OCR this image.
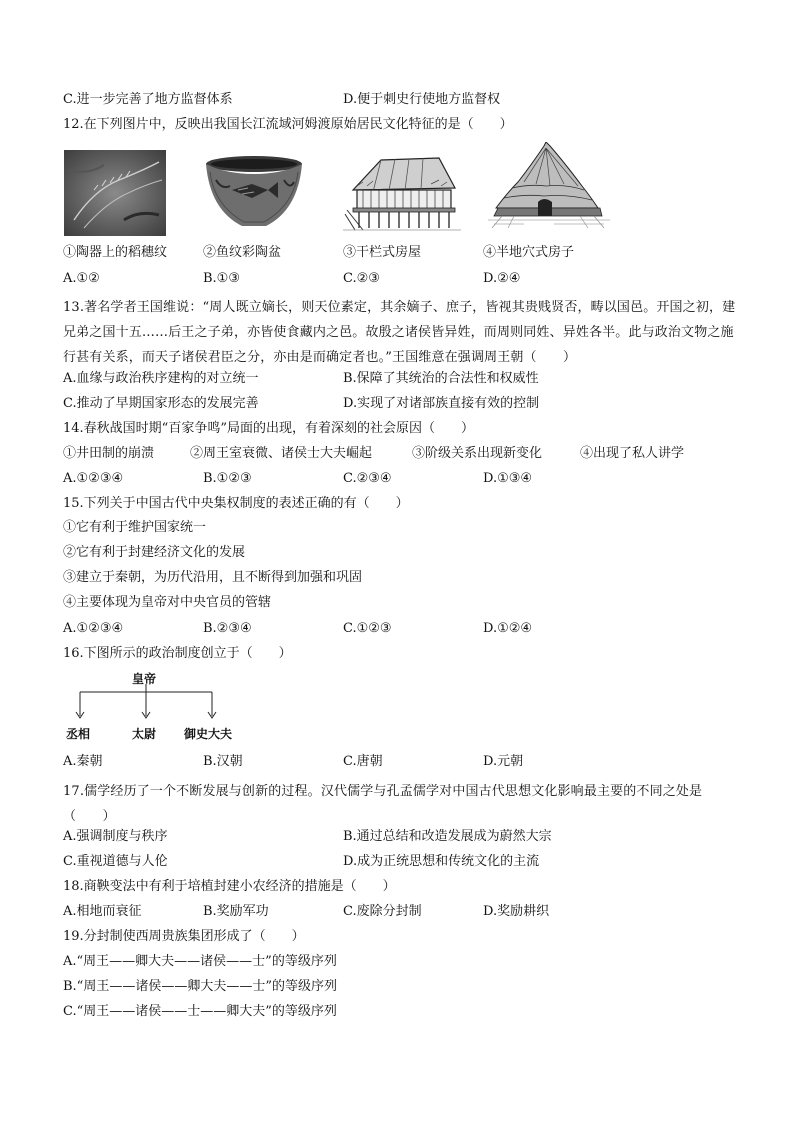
C.进一步完善了地方监督体系	D.便于刺史行使地方监督权
12.在下列图片中，反映出我国长江流域河姆渡原始居民文化特征的是（　　）
①陶器上的稻穗纹	②鱼纹彩陶盆	③干栏式房屋	④半地穴式房子
A.①②	B.①③	C.②③	D.②④
13.著名学者王国维说：“周人既立嫡长，则天位素定，其余嫡子、庶子，皆视其贵贱贤否，畴以国邑。开国之初，建兄弟之国十五……后王之子弟，亦皆使食藏内之邑。故殷之诸侯皆异姓，而周则同姓、异姓各半。此与政治文物之施行甚有关系，而天子诸侯君臣之分，亦由是而确定者也。”王国维意在强调周王朝（　　）
A.血缘与政治秩序建构的对立统一	B.保障了其统治的合法性和权威性
C.推动了早期国家形态的发展完善	D.实现了对诸部族直接有效的控制
14.春秋战国时期“百家争鸣”局面的出现，有着深刻的社会原因（　　）
①井田制的崩溃	②周王室衰微、诸侯士大夫崛起	③阶级关系出现新变化	④出现了私人讲学
A.①②③④	B.①②③	C.②③④	D.①③④
15.下列关于中国古代中央集权制度的表述正确的有（　　）
①它有利于维护国家统一
②它有利于封建经济文化的发展
③建立于秦朝，为历代沿用，且不断得到加强和巩固
④主要体现为皇帝对中央官员的管辖
A.①②③④	B.②③④	C.①②③	D.①②④
16.下图所示的政治制度创立于（　　）
皇帝
丞相	太尉 御史大夫
A.秦朝	B.汉朝	C.唐朝	D.元朝
17.儒学经历了一个不断发展与创新的过程。汉代儒学与孔孟儒学对中国古代思想文化影响最主要的不同之处是（　　）
A.强调制度与秩序	B.通过总结和改造发展成为蔚然大宗
C.重视道德与人伦	D.成为正统思想和传统文化的主流
18.商鞅变法中有利于培植封建小农经济的措施是（　　）
A.相地而衰征	B.奖励军功	C.废除分封制	D.奖励耕织
19.分封制使西周贵族集团形成了（　　）
A.“周王——卿大夫——诸侯——士”的等级序列
B.“周王——诸侯——卿大夫——士”的等级序列
C.“周王——诸侯——士——卿大夫”的等级序列
